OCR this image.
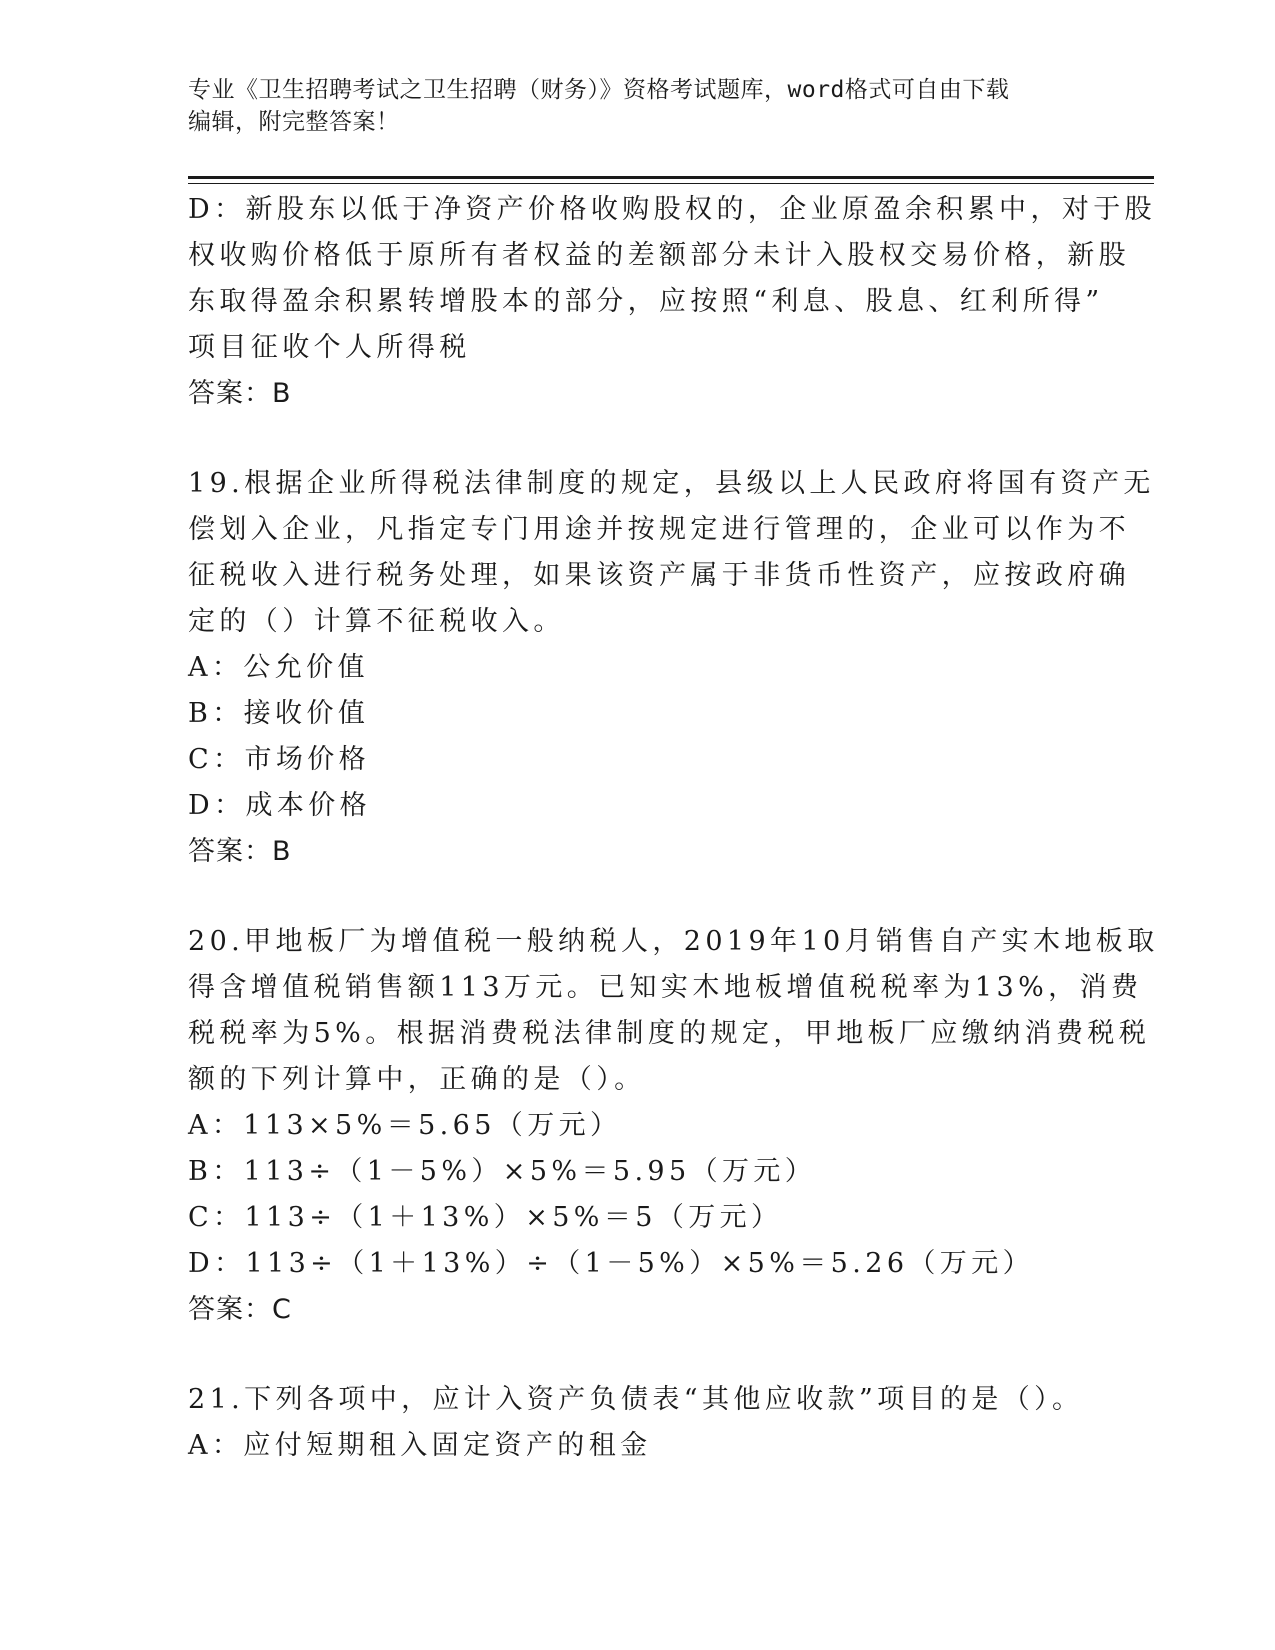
专业《卫生招聘考试之卫生招聘（财务）》资格考试题库，word格式可自由下载
编辑，附完整答案！
D：新股东以低于净资产价格收购股权的，企业原盈余积累中，对于股
权收购价格低于原所有者权益的差额部分未计入股权交易价格，新股
东取得盈余积累转增股本的部分，应按照“利息、股息、红利所得”
项目征收个人所得税
答案：B
19.根据企业所得税法律制度的规定，县级以上人民政府将国有资产无
偿划入企业，凡指定专门用途并按规定进行管理的，企业可以作为不
征税收入进行税务处理，如果该资产属于非货币性资产，应按政府确
定的（）计算不征税收入。
A：公允价值
B：接收价值
C：市场价格
D：成本价格
答案：B
20.甲地板厂为增值税一般纳税人，2019年10月销售自产实木地板取
得含增值税销售额113万元。已知实木地板增值税税率为13%，消费
税税率为5%。根据消费税法律制度的规定，甲地板厂应缴纳消费税税
额的下列计算中，正确的是（）。
A：113×5%＝5.65（万元）
B：113÷（1－5%）×5%＝5.95（万元）
C：113÷（1＋13%）×5%＝5（万元）
D：113÷（1＋13%）÷（1－5%）×5%＝5.26（万元）
答案：C
21.下列各项中，应计入资产负债表“其他应收款”项目的是（）。
A：应付短期租入固定资产的租金
